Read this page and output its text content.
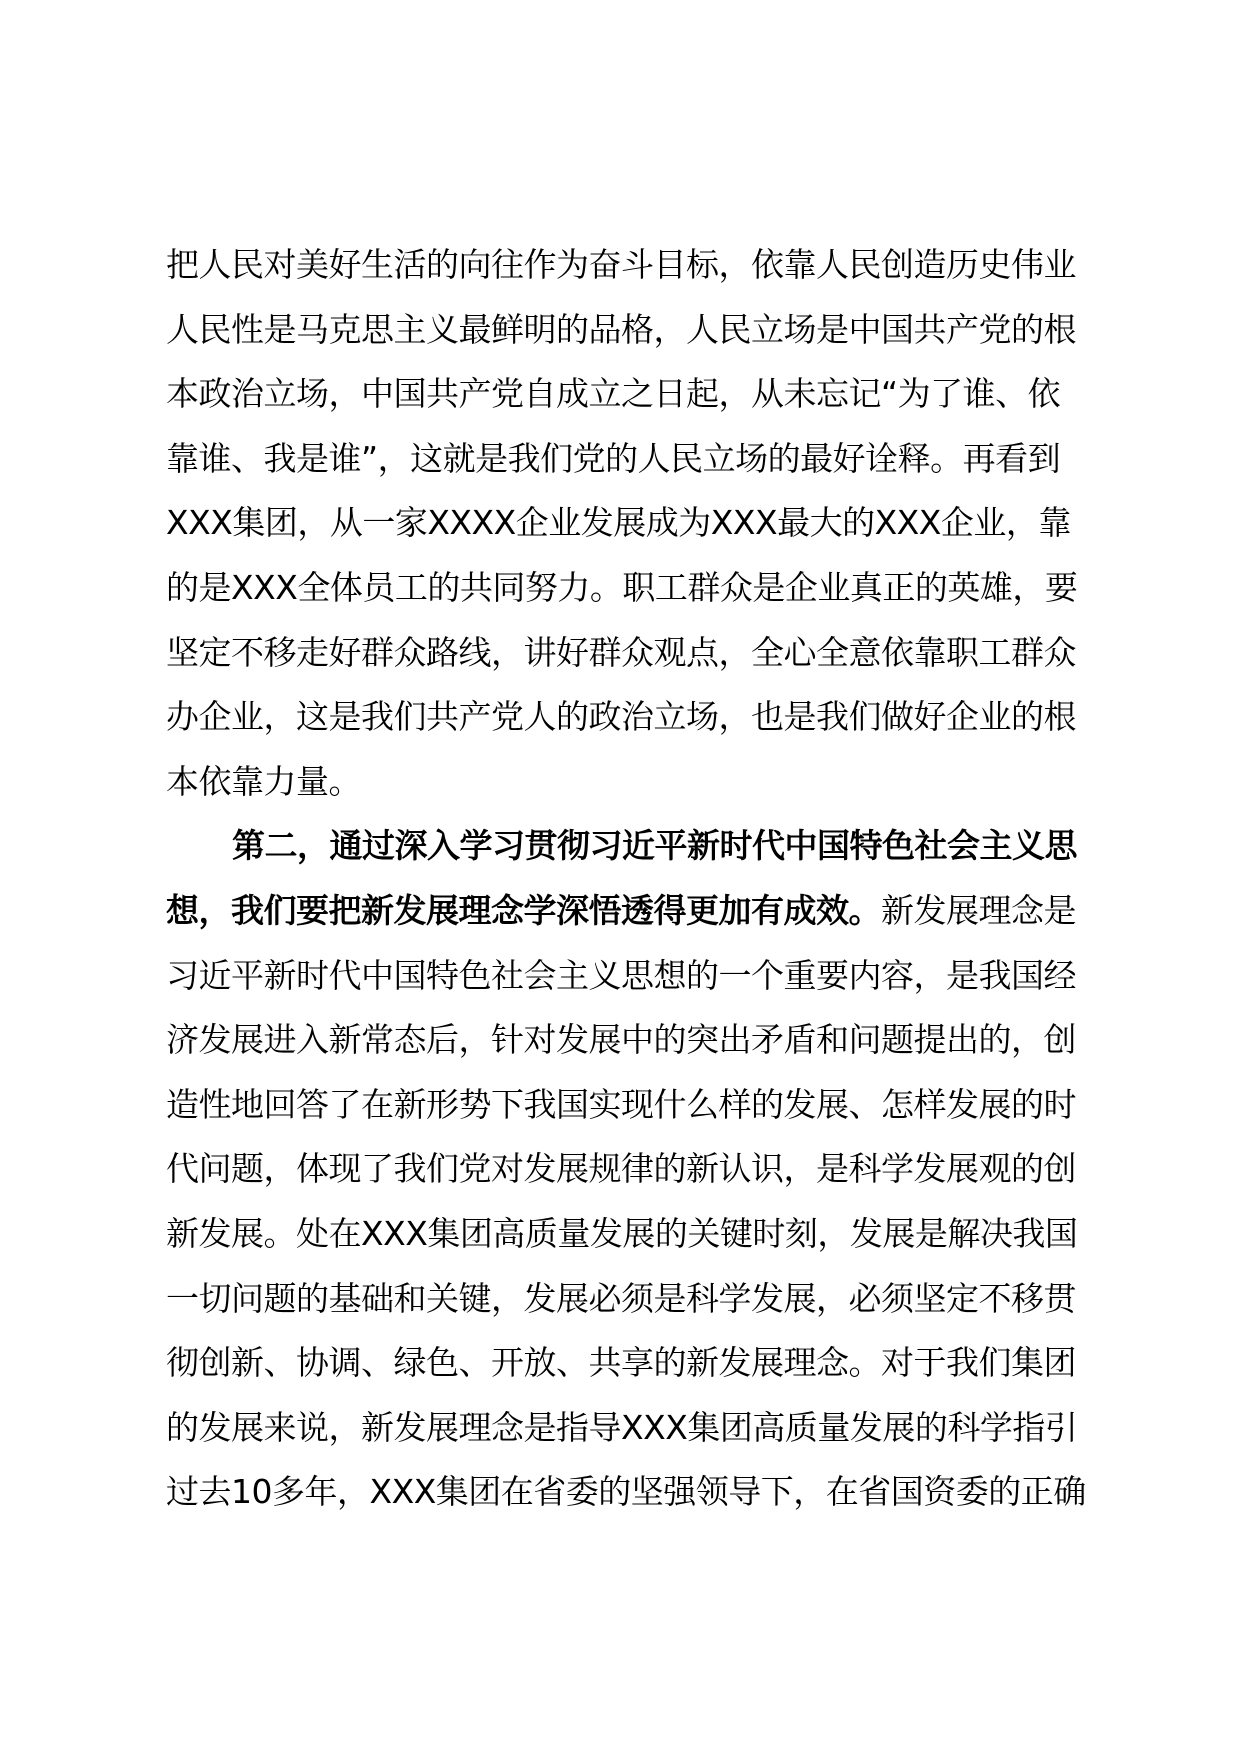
把人民对美好生活的向往作为奋斗目标，依靠人民创造历史伟业
人民性是马克思主义最鲜明的品格，人民立场是中国共产党的根
本政治立场，中国共产党自成立之日起，从未忘记“为了谁、依
靠谁、我是谁”，这就是我们党的人民立场的最好诠释。再看到
XXX集团，从一家XXXX企业发展成为XXX最大的XXX企业，靠
的是XXX全体员工的共同努力。职工群众是企业真正的英雄，要
坚定不移走好群众路线，讲好群众观点，全心全意依靠职工群众
办企业，这是我们共产党人的政治立场，也是我们做好企业的根
本依靠力量。
第二，通过深入学习贯彻习近平新时代中国特色社会主义思
想，我们要把新发展理念学深悟透得更加有成效。新发展理念是
习近平新时代中国特色社会主义思想的一个重要内容，是我国经
济发展进入新常态后，针对发展中的突出矛盾和问题提出的，创
造性地回答了在新形势下我国实现什么样的发展、怎样发展的时
代问题，体现了我们党对发展规律的新认识，是科学发展观的创
新发展。处在XXX集团高质量发展的关键时刻，发展是解决我国
一切问题的基础和关键，发展必须是科学发展，必须坚定不移贯
彻创新、协调、绿色、开放、共享的新发展理念。对于我们集团
的发展来说，新发展理念是指导XXX集团高质量发展的科学指引
过去10多年，XXX集团在省委的坚强领导下，在省国资委的正确
